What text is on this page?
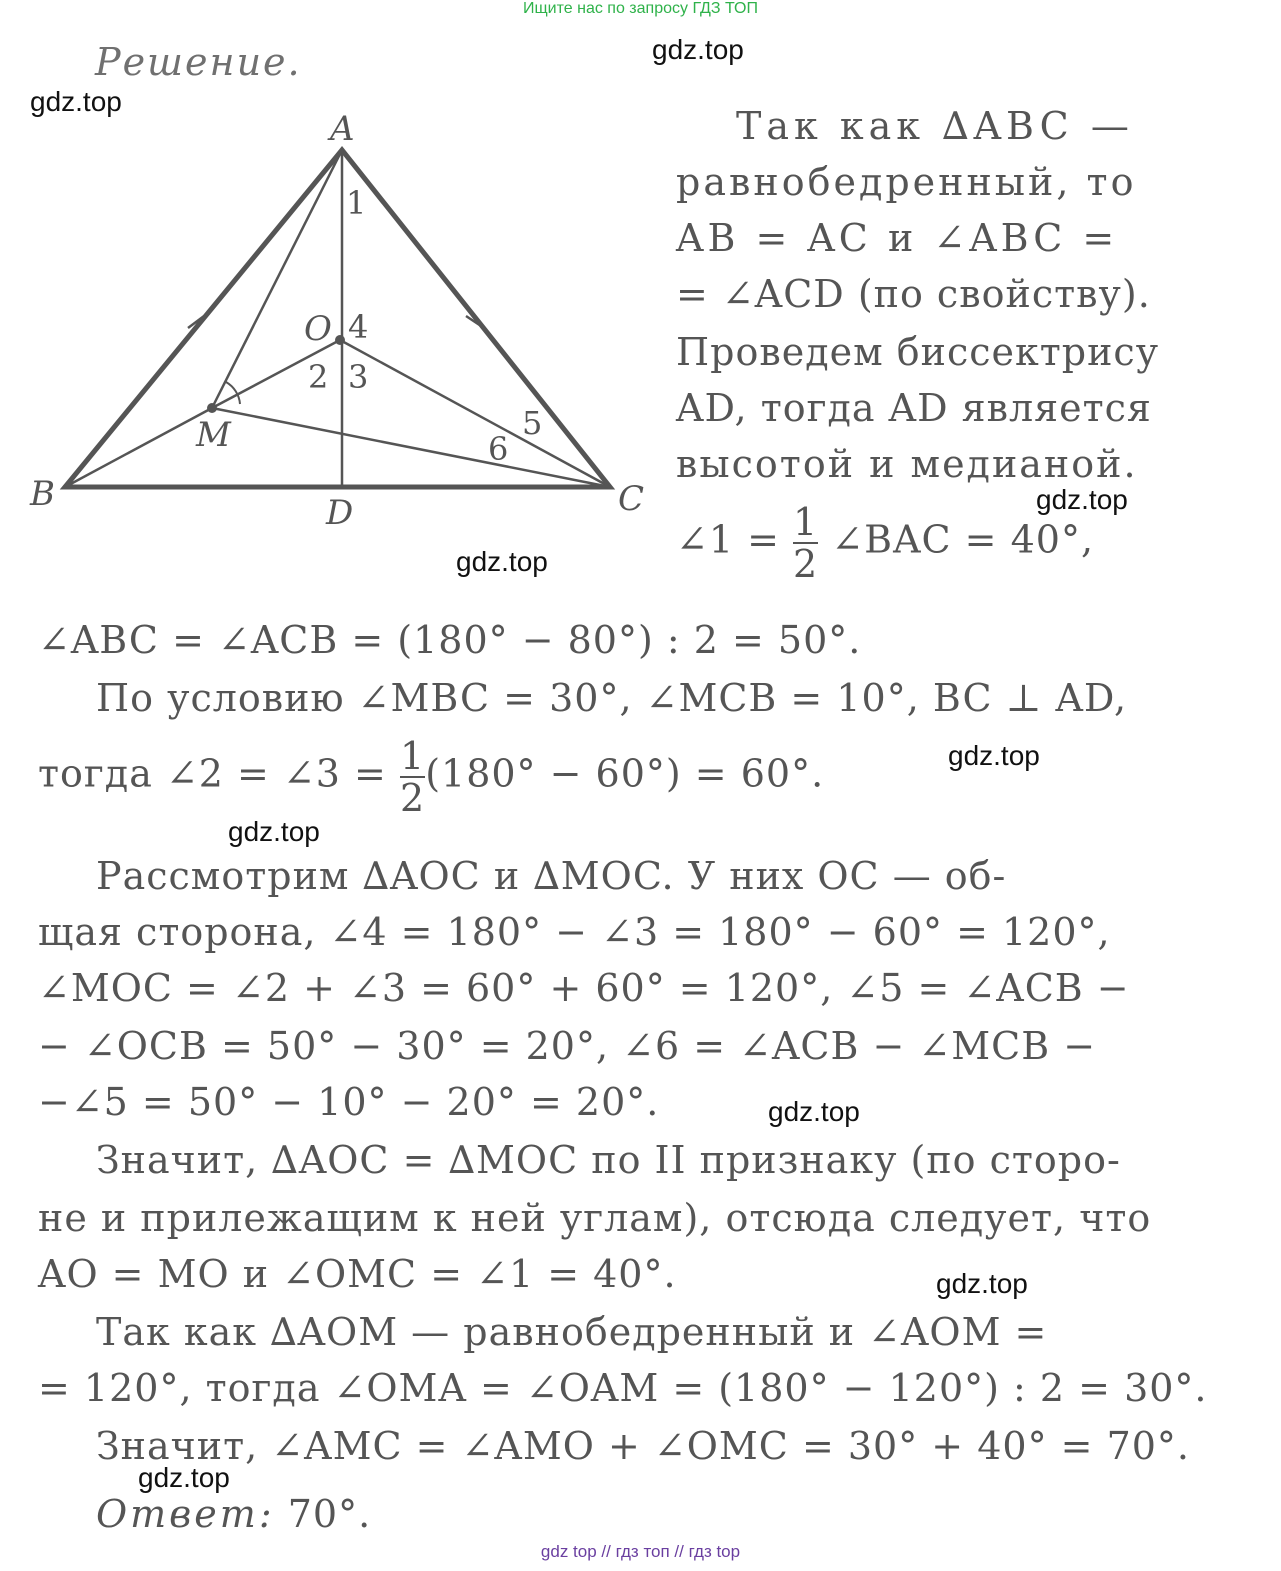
Ищите нас по запросу ГДЗ ТОП
Решение.
A
B	C
D
O
M
1
2 3
4
5
6
Так как ∆ABC —
равнобедренный, то
AB = AC и ∠ABC =
= ∠ACD (по свойству).
Проведем биссектрису
AD, тогда AD является
высотой и медианой.
∠1 = $\frac{1}{2}$ ∠BAC = 40°,
∠ABC = ∠ACB = (180° − 80°) : 2 = 50°.
По условию ∠MBC = 30°, ∠MCB = 10°, BC ⊥ AD,
тогда ∠2 = ∠3 = $\frac{1}{2} (180^\circ - 60^\circ) = 60^\circ$.
Рассмотрим ∆AOC и ∆MOC. У них OC — об-
щая сторона, ∠4 = 180° − ∠3 = 180° − 60° = 120°,
∠MOC = ∠2 + ∠3 = 60° + 60° = 120°, ∠5 = ∠ACB −
− ∠OCB = 50° − 30° = 20°, ∠6 = ∠ACB − ∠MCB −
−∠5 = 50° − 10° − 20° = 20°.
Значит, ∆AOC = ∆MOC по II признаку (по сторо-
не и прилежащим к ней углам), отсюда следует, что
AO = MO и ∠OMC = ∠1 = 40°.
Так как ∆AOM — равнобедренный и ∠AOM =
= 120°, тогда ∠OMA = ∠OAM = (180° − 120°) : 2 = 30°.
Значит, ∠AMC = ∠AMO + ∠OMC = 30° + 40° = 70°.
Ответ: 70°.
gdz.top
gdz.top
gdz.top
gdz.top
gdz.top
gdz.top
gdz.top
gdz.top
gdz.top
gdz top // гдз топ // гдз top
